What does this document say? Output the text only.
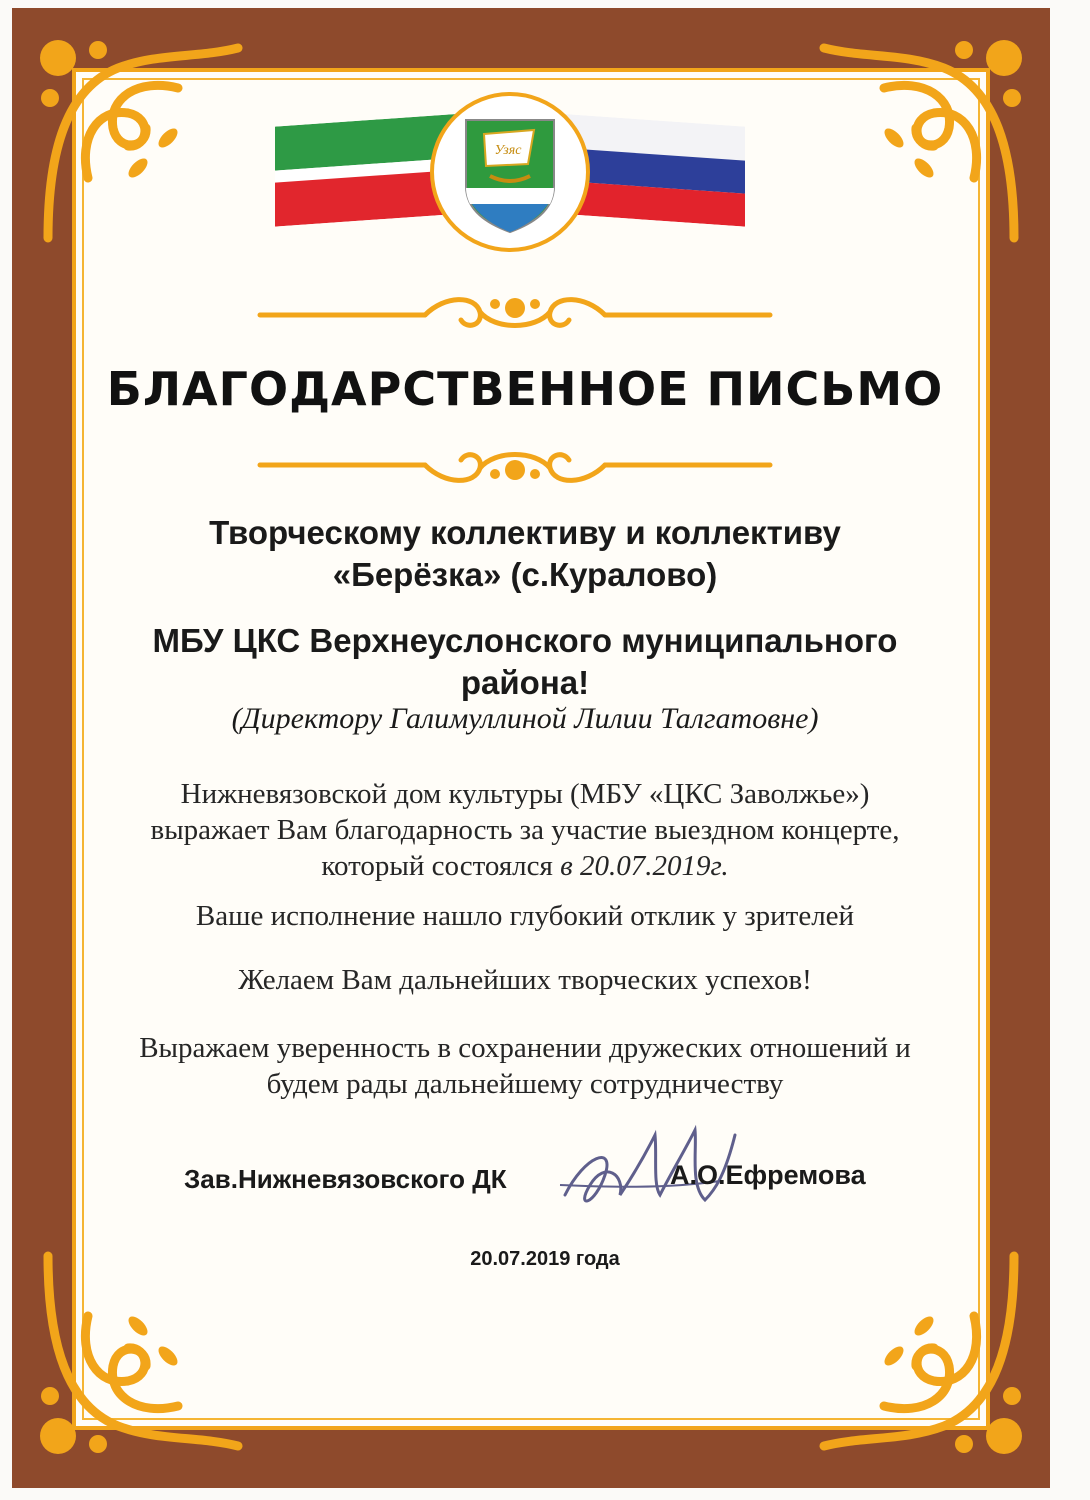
Узяс
БЛАГОДАРСТВЕННОЕ ПИСЬМО
Творческому коллективу и коллективу
«Берёзка» (с.Куралово)
МБУ ЦКС Верхнеуслонского муниципального
района!
(Директору Галимуллиной Лилии Талгатовне)
Нижневязовской дом культуры (МБУ «ЦКС Заволжье»)
выражает Вам благодарность за участие выездном концерте,
который состоялся в 20.07.2019г.
Ваше исполнение нашло глубокий отклик у зрителей
Желаем Вам дальнейших творческих успехов!
Выражаем уверенность в сохранении дружеских отношений и
будем рады дальнейшему сотрудничеству
Зав.Нижневязовского ДК	А.О.Ефремова
20.07.2019 года
